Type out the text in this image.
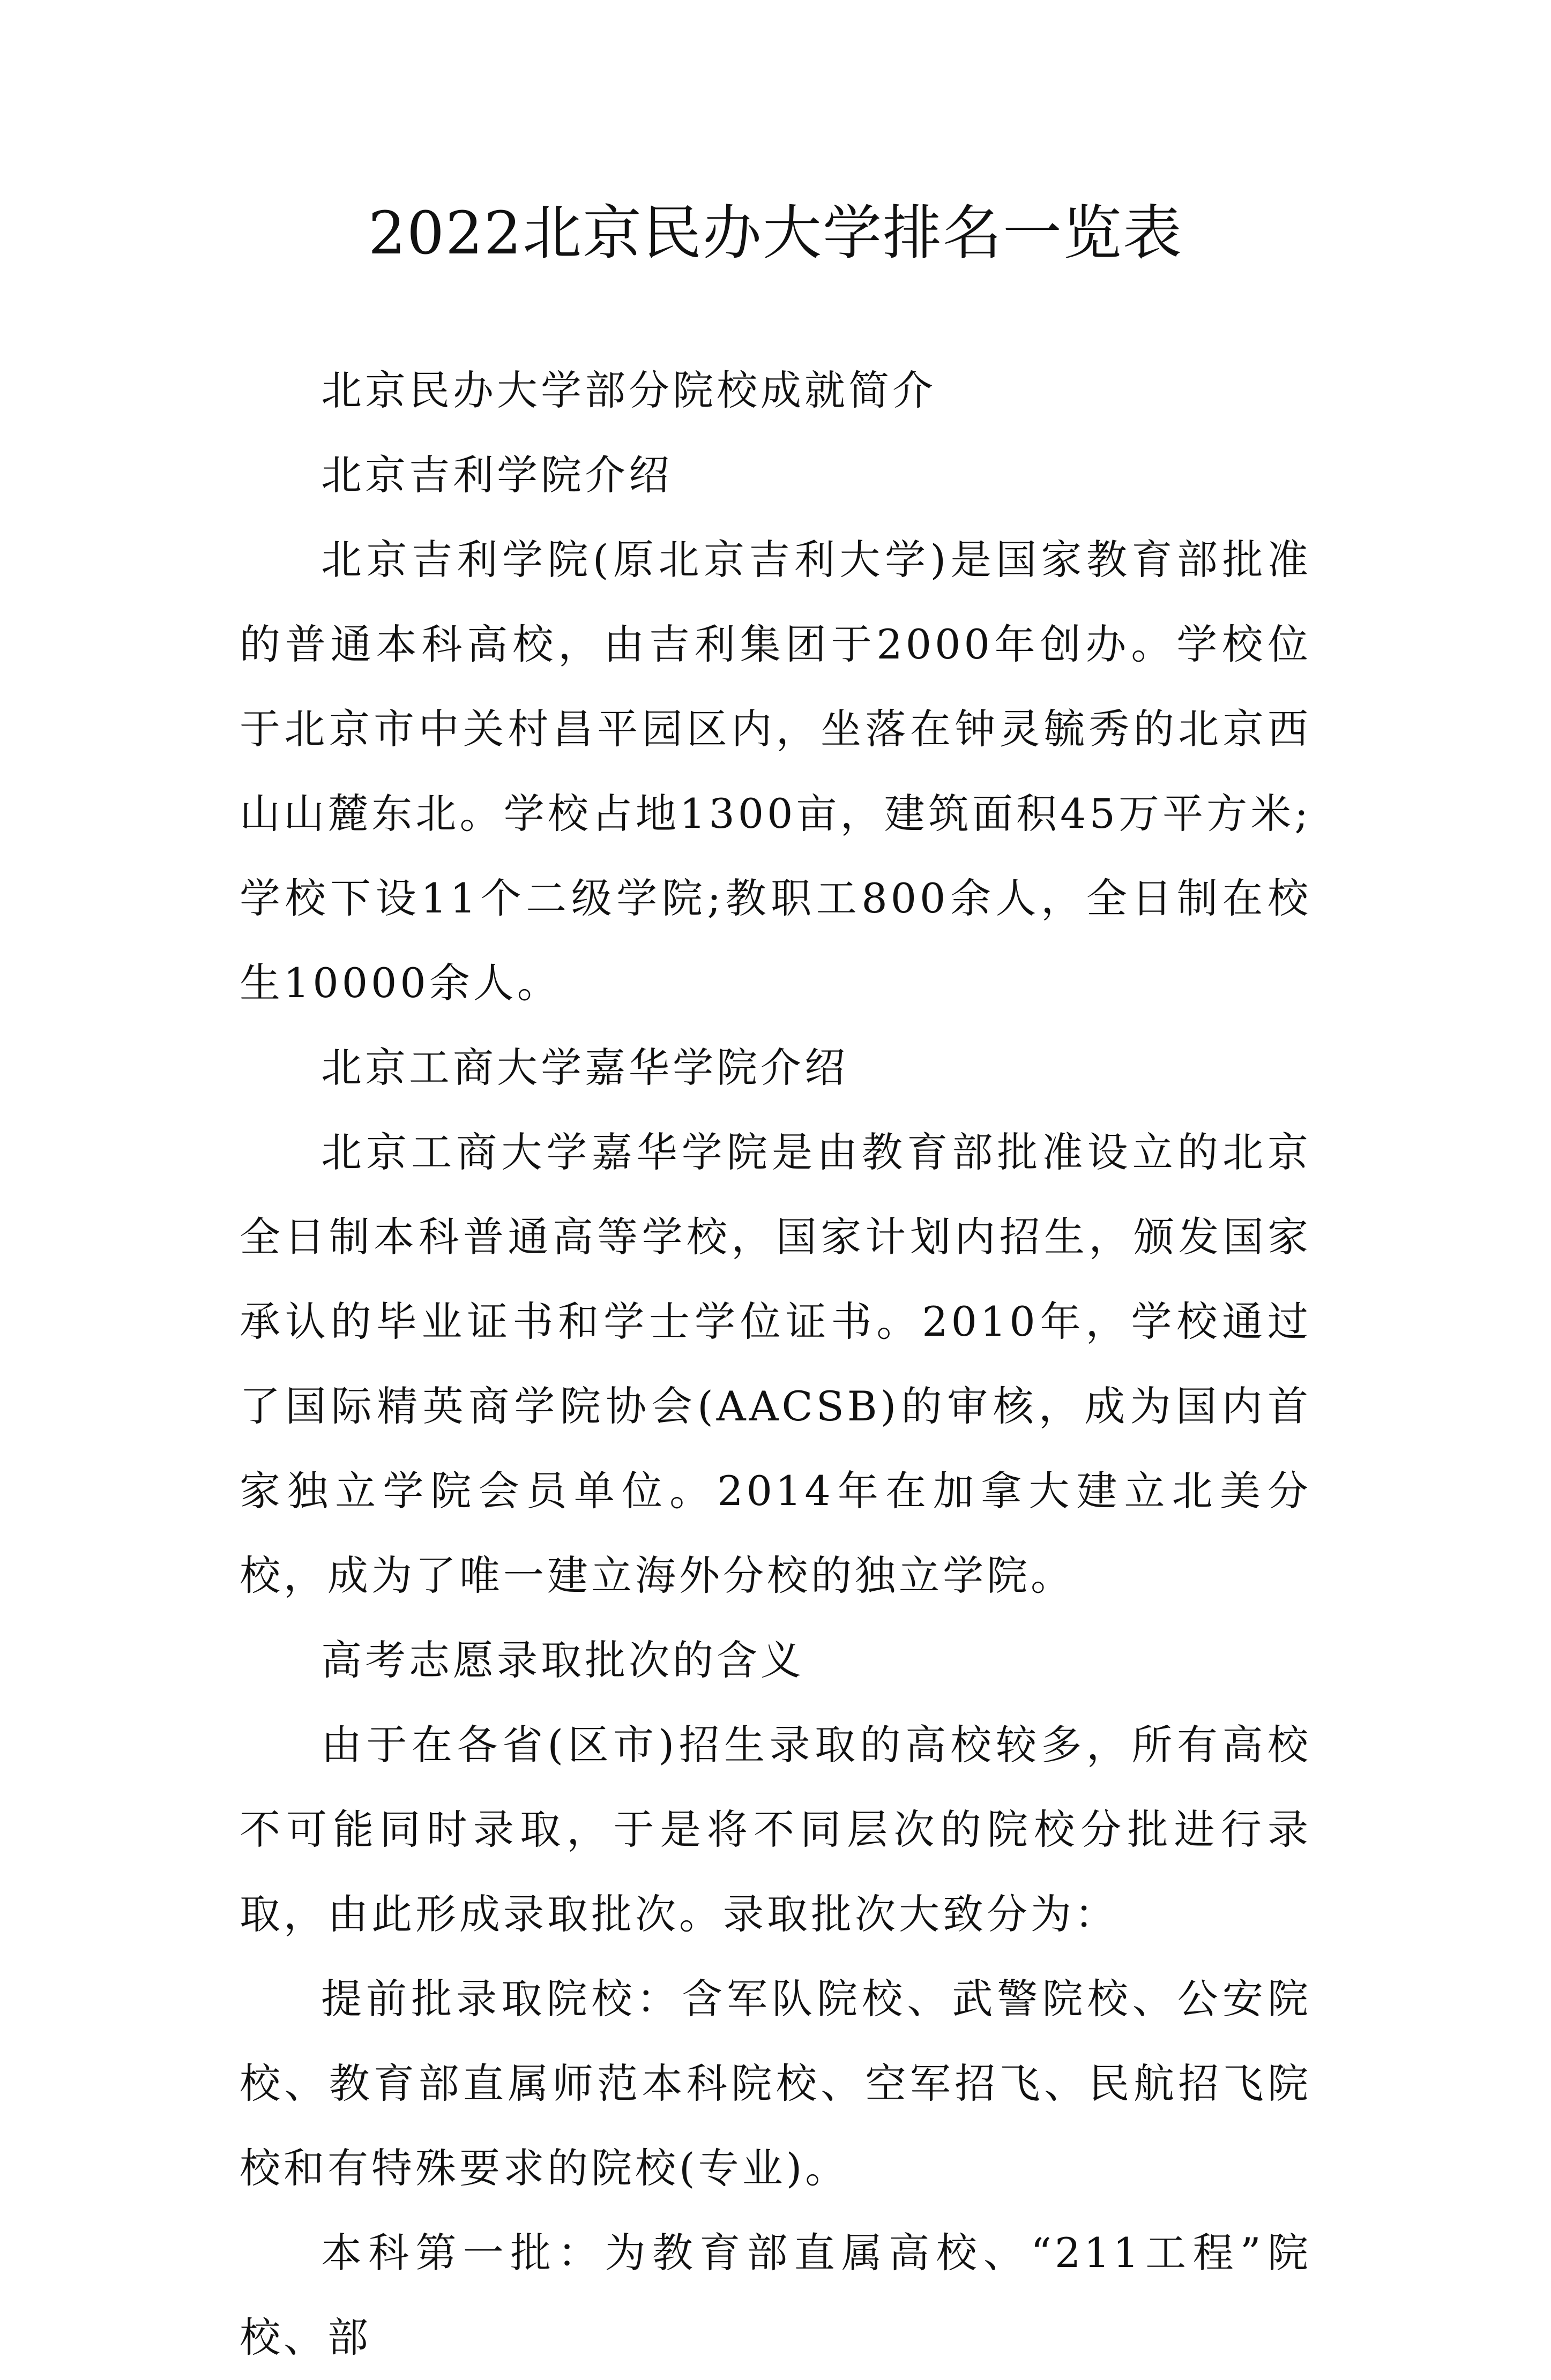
2022北京民办大学排名一览表

北京民办大学部分院校成就简介

北京吉利学院介绍

北京吉利学院(原北京吉利大学)是国家教育部批准的普通本科高校，由吉利集团于2000年创办。学校位于北京市中关村昌平园区内，坐落在钟灵毓秀的北京西山山麓东北。学校占地1300亩，建筑面积45万平方米;学校下设11个二级学院;教职工800余人，全日制在校生10000余人。

北京工商大学嘉华学院介绍

北京工商大学嘉华学院是由教育部批准设立的北京全日制本科普通高等学校，国家计划内招生，颁发国家承认的毕业证书和学士学位证书。2010年，学校通过了国际精英商学院协会(AACSB)的审核，成为国内首家独立学院会员单位。2014年在加拿大建立北美分校，成为了唯一建立海外分校的独立学院。

高考志愿录取批次的含义

由于在各省(区市)招生录取的高校较多，所有高校不可能同时录取，于是将不同层次的院校分批进行录取，由此形成录取批次。录取批次大致分为：

提前批录取院校：含军队院校、武警院校、公安院校、教育部直属师范本科院校、空军招飞、民航招飞院校和有特殊要求的院校(专业)。

本科第一批：为教育部直属高校、“211工程”院校、部
